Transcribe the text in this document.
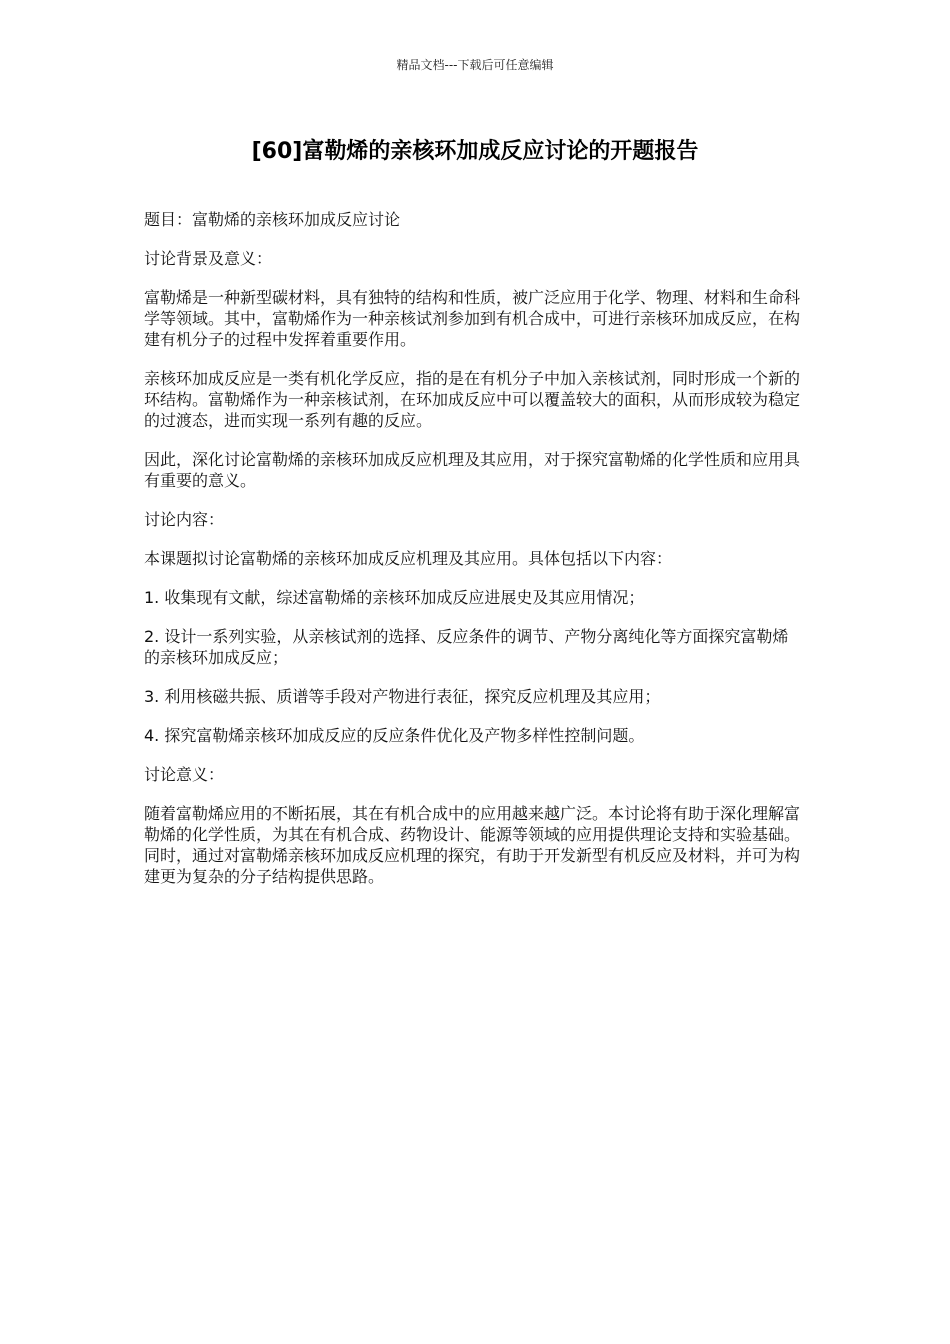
精品文档---下载后可任意编辑
[60]富勒烯的亲核环加成反应讨论的开题报告

题目：富勒烯的亲核环加成反应讨论

讨论背景及意义：

富勒烯是一种新型碳材料，具有独特的结构和性质，被广泛应用于化学、物理、材料和生命科学等领域。其中，富勒烯作为一种亲核试剂参加到有机合成中，可进行亲核环加成反应，在构建有机分子的过程中发挥着重要作用。

亲核环加成反应是一类有机化学反应，指的是在有机分子中加入亲核试剂，同时形成一个新的环结构。富勒烯作为一种亲核试剂，在环加成反应中可以覆盖较大的面积，从而形成较为稳定的过渡态，进而实现一系列有趣的反应。

因此，深化讨论富勒烯的亲核环加成反应机理及其应用，对于探究富勒烯的化学性质和应用具有重要的意义。

讨论内容：

本课题拟讨论富勒烯的亲核环加成反应机理及其应用。具体包括以下内容：

1. 收集现有文献，综述富勒烯的亲核环加成反应进展史及其应用情况；

2. 设计一系列实验，从亲核试剂的选择、反应条件的调节、产物分离纯化等方面探究富勒烯的亲核环加成反应；

3. 利用核磁共振、质谱等手段对产物进行表征，探究反应机理及其应用；

4. 探究富勒烯亲核环加成反应的反应条件优化及产物多样性控制问题。

讨论意义：

随着富勒烯应用的不断拓展，其在有机合成中的应用越来越广泛。本讨论将有助于深化理解富勒烯的化学性质，为其在有机合成、药物设计、能源等领域的应用提供理论支持和实验基础。同时，通过对富勒烯亲核环加成反应机理的探究，有助于开发新型有机反应及材料，并可为构建更为复杂的分子结构提供思路。
